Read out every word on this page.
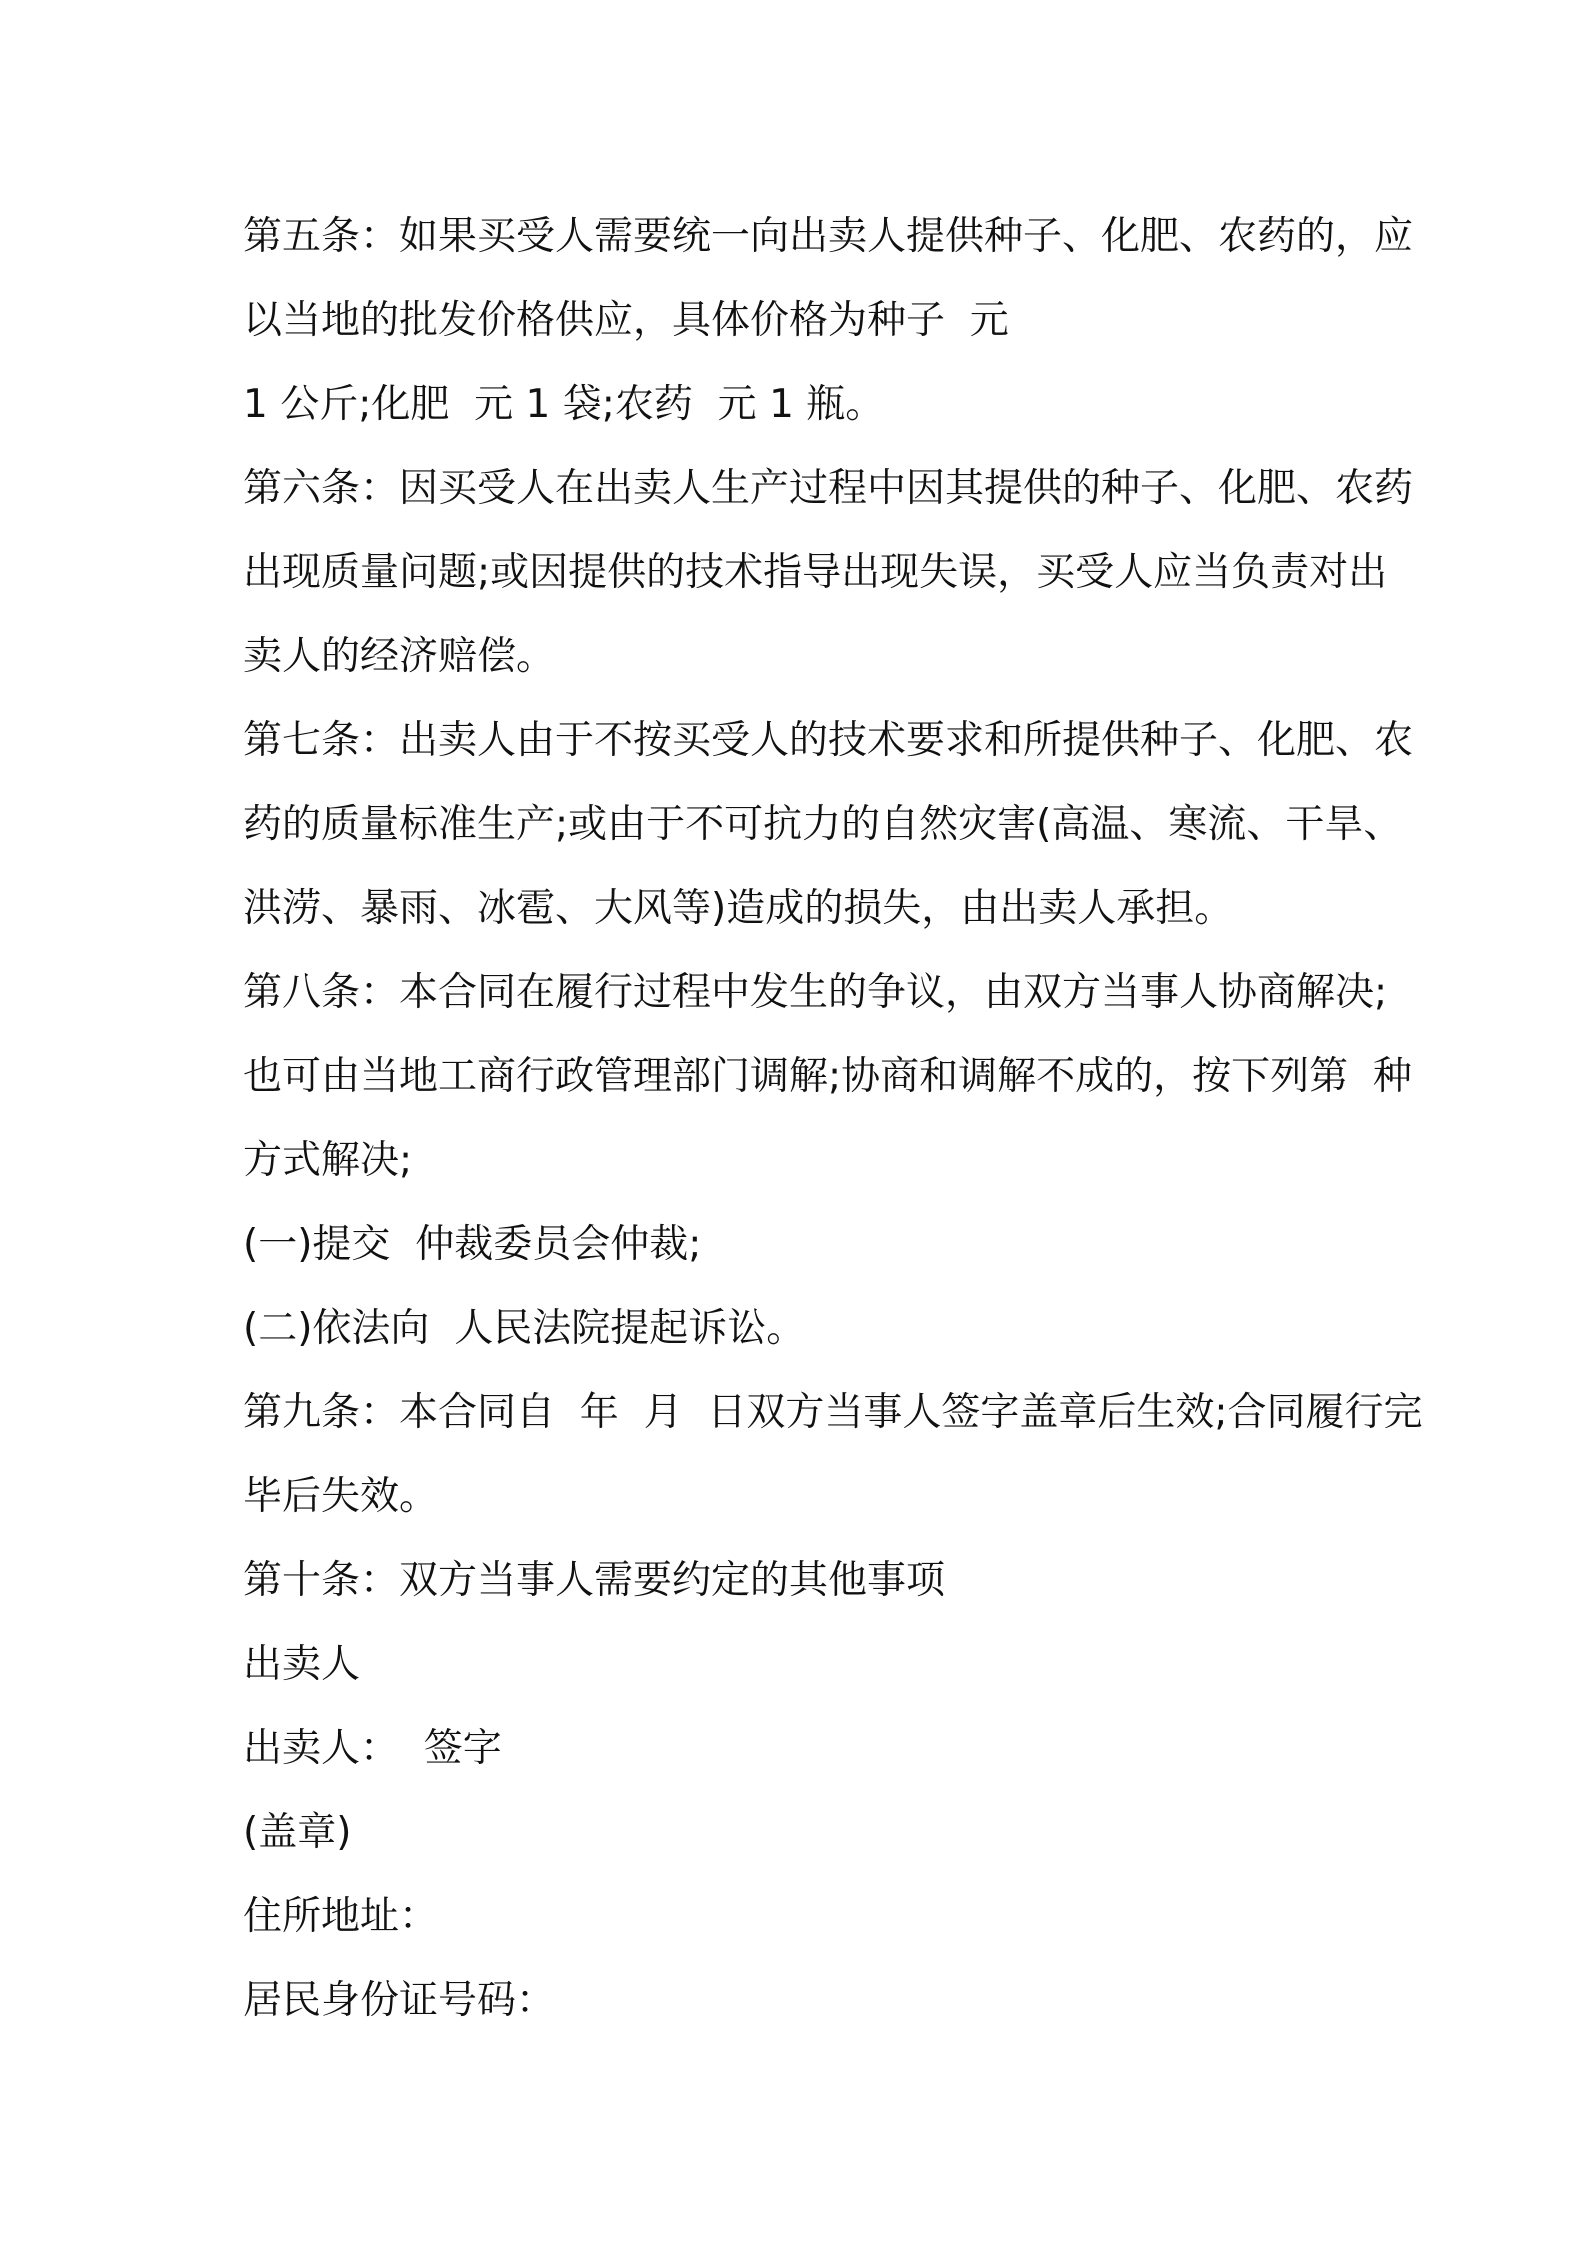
第五条：如果买受人需要统一向出卖人提供种子、化肥、农药的，应

以当地的批发价格供应，具体价格为种子  元

1 公斤;化肥  元 1 袋;农药  元 1 瓶。

第六条：因买受人在出卖人生产过程中因其提供的种子、化肥、农药

出现质量问题;或因提供的技术指导出现失误，买受人应当负责对出

卖人的经济赔偿。

第七条：出卖人由于不按买受人的技术要求和所提供种子、化肥、农

药的质量标准生产;或由于不可抗力的自然灾害(高温、寒流、干旱、

洪涝、暴雨、冰雹、大风等)造成的损失，由出卖人承担。

第八条：本合同在履行过程中发生的争议，由双方当事人协商解决;

也可由当地工商行政管理部门调解;协商和调解不成的，按下列第  种

方式解决;

(一)提交  仲裁委员会仲裁;

(二)依法向  人民法院提起诉讼。

第九条：本合同自  年  月  日双方当事人签字盖章后生效;合同履行完

毕后失效。

第十条：双方当事人需要约定的其他事项

出卖人

出卖人：  签字

(盖章)

住所地址：

居民身份证号码：
